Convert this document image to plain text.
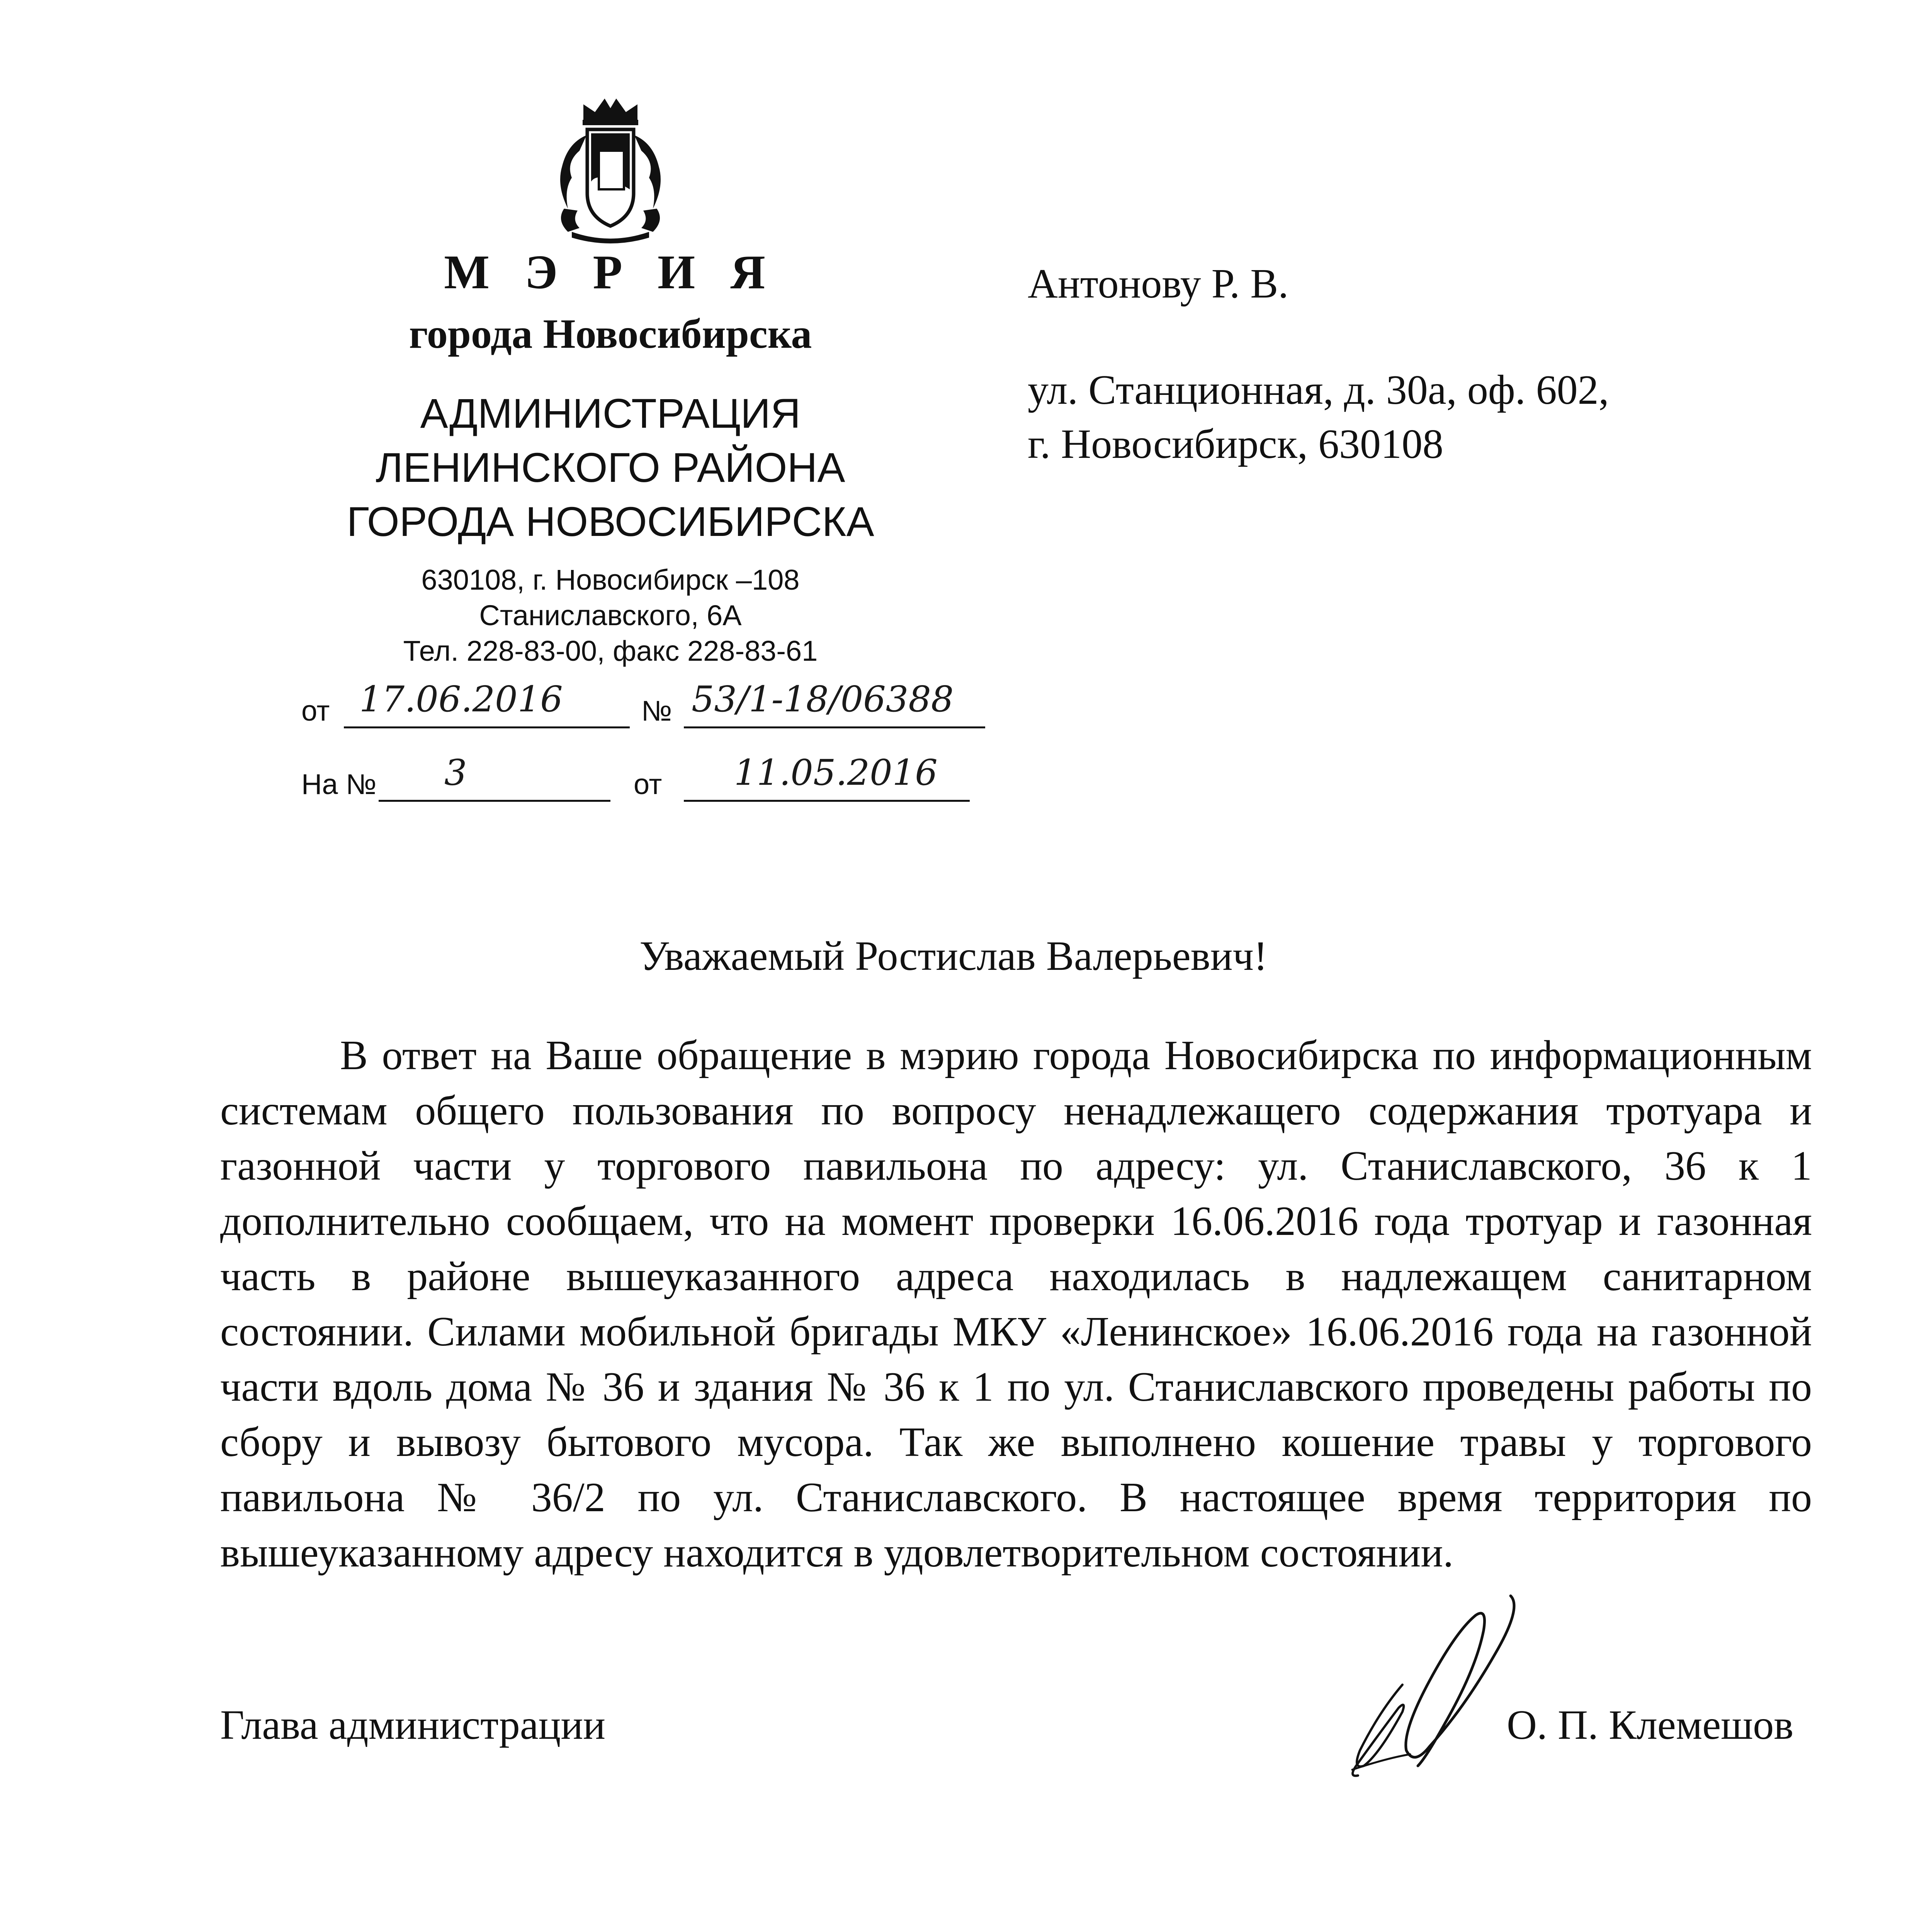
М Э Р И Я
города Новосибирска
АДМИНИСТРАЦИЯ
ЛЕНИНСКОГО РАЙОНА
ГОРОДА НОВОСИБИРСКА
630108, г. Новосибирск –108
Станиславского, 6А
Тел. 228-83-00, факс 228-83-61
от 17.06.2016	№ 53/1-18/06388
На № 3	от 11.05.2016
Антонову Р. В.
ул. Станционная, д. 30а, оф. 602,
г. Новосибирск, 630108
Уважаемый Ростислав Валерьевич!

В ответ на Ваше обращение в мэрию города Новосибирска по информационным системам общего пользования по вопросу ненадлежащего содержания тротуара и газонной части у торгового павильона по адресу: ул. Станиславского, 36 к 1 дополнительно сообщаем, что на момент проверки 16.06.2016 года тротуар и газонная часть в районе вышеуказанного адреса находилась в надлежащем санитарном состоянии. Силами мобильной бригады МКУ «Ленинское» 16.06.2016 года на газонной части вдоль дома № 36 и здания № 36 к 1 по ул. Станиславского проведены работы по сбору и вывозу бытового мусора. Так же выполнено кошение травы у торгового павильона № 36/2 по ул. Станиславского. В настоящее время территория по вышеуказанному адресу находится в удовлетворительном состоянии.

Глава администрации	О. П. Клемешов
